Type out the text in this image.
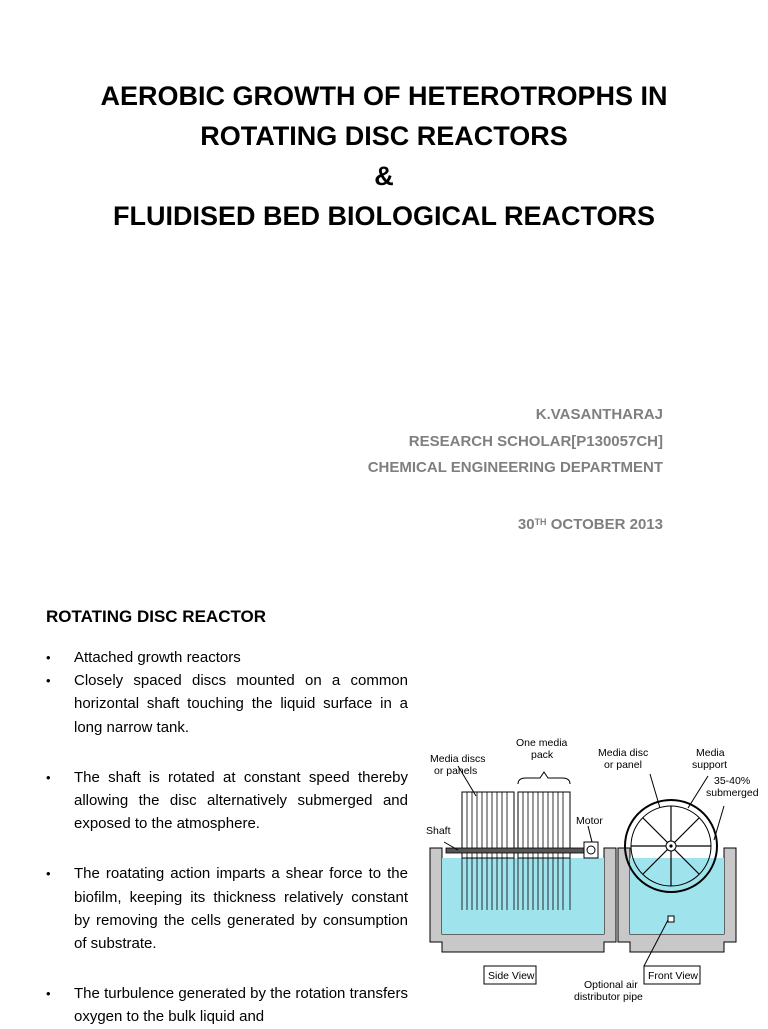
AEROBIC GROWTH OF HETEROTROPHS IN
ROTATING DISC REACTORS
&
FLUIDISED BED BIOLOGICAL REACTORS
K.VASANTHARAJ
RESEARCH SCHOLAR[P130057CH]
CHEMICAL ENGINEERING DEPARTMENT
30TH OCTOBER 2013
ROTATING DISC REACTOR
• Attached growth reactors
• Closely spaced discs mounted on a common horizontal shaft touching the liquid surface in a long narrow tank.
• The shaft is rotated at constant speed thereby allowing the disc alternatively submerged and exposed to the atmosphere.
• The roatating action imparts a shear force to the biofilm, keeping its thickness relatively constant by removing the cells generated by consumption of substrate.
• The turbulence generated by the rotation transfers oxygen to the bulk liquid and
One media
pack
Media discs
or panels
Shaft
Motor
Side View
Media disc
or panel
Media
support
35-40%
submerged
Front View
Optional air
distributor pipe
